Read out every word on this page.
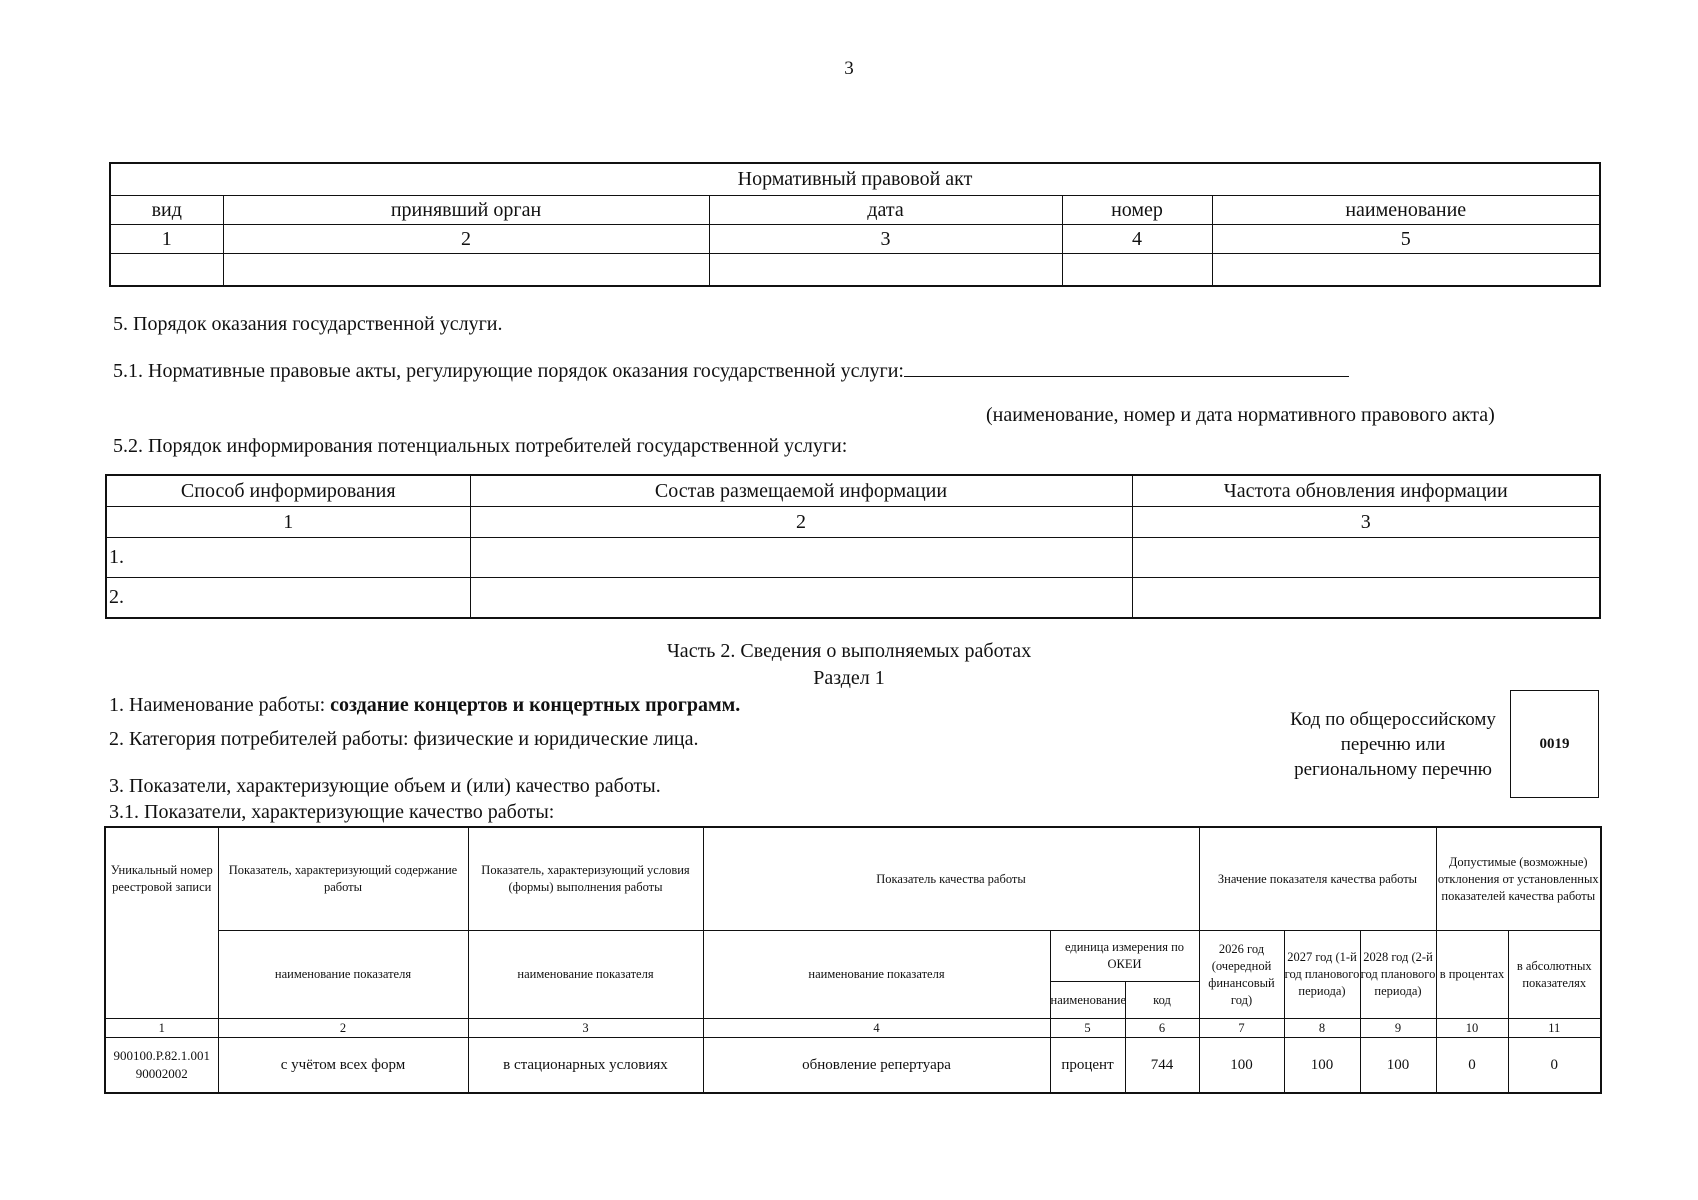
3
Нормативный правовой акт				
вид	принявший орган	дата	номер	наименование
1	2	3	4	5

5. Порядок оказания государственной услуги.
5.1. Нормативные правовые акты, регулирующие порядок оказания государственной услуги:
(наименование, номер и дата нормативного правового акта)
5.2. Порядок информирования потенциальных потребителей государственной услуги:
Способ информирования	Состав размещаемой информации	Частота обновления информации
1	2	3
1.		
2.		
Часть 2. Сведения о выполняемых работах
Раздел 1
1. Наименование работы: создание концертов и концертных программ.
2. Категория потребителей работы: физические и юридические лица.
Код по общероссийскому перечню или региональному перечню
0019
3. Показатели, характеризующие объем и (или) качество работы.
3.1. Показатели, характеризующие качество работы:
Уникальный номер реестровой записи	Показатель, характеризующий содержание работы	Показатель, характеризующий условия (формы) выполнения работы	Показатель качества работы			Значение показателя качества работы			Допустимые (возможные) отклонения от установленных показателей качества работы	
	наименование показателя	наименование показателя	наименование показателя	единица измерения по ОКЕИ		2026 год (очередной финансовый год)	2027 год (1-й год планового периода)	2028 год (2-й год планового периода)	в процентах	в абсолютных показателях
				наименование	код					
1	2	3	4	5	6	7	8	9	10	11
900100.Р.82.1.001 90002002	с учётом всех форм	в стационарных условиях	обновление репертуара	процент	744	100	100	100	0	0
